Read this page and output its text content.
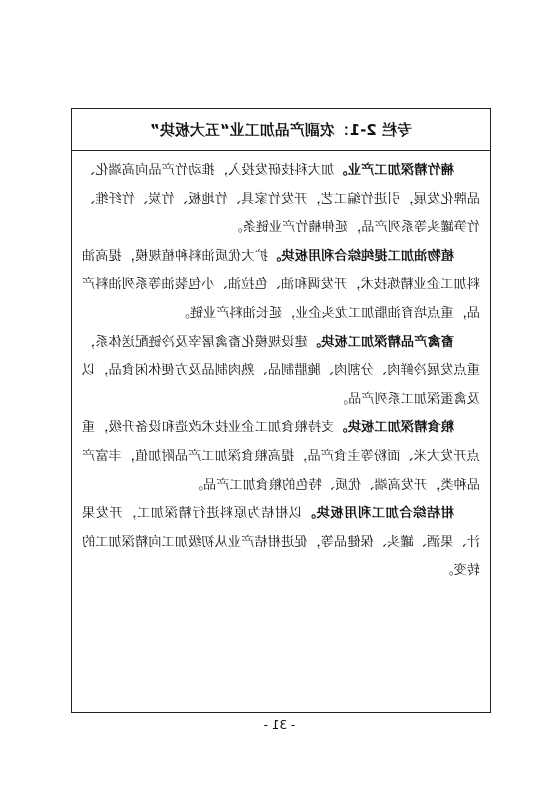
专栏 2-1：农副产品加工业“五大板块”

楠竹精深加工产业。加大科技研发投入，推动竹产品向高端化、品牌化发展，引进竹编工艺，开发竹家具、竹地板、竹炭、竹纤维、竹笋罐头等系列产品，延伸楠竹产业链条。

植物油加工提纯综合利用板块。扩大优质油料种植规模，提高油料加工企业精炼技术，开发调和油、色拉油、小包装油等系列油料产品，重点培育油脂加工龙头企业，延长油料产业链。

畜禽产品精深加工板块。建设规模化畜禽屠宰及冷链配送体系，重点发展冷鲜肉、分割肉、腌腊制品、熟肉制品及方便休闲食品，以及禽蛋深加工系列产品。

粮食精深加工板块。支持粮食加工企业技术改造和设备升级，重点开发大米、面粉等主食产品，提高粮食深加工产品附加值，丰富产品种类，开发高端、优质、特色的粮食加工产品。

柑桔综合加工利用板块。以柑桔为原料进行精深加工，开发果汁、果酒、罐头、保健品等，促进柑桔产业从初级加工向精深加工的转变。

- 31 -
